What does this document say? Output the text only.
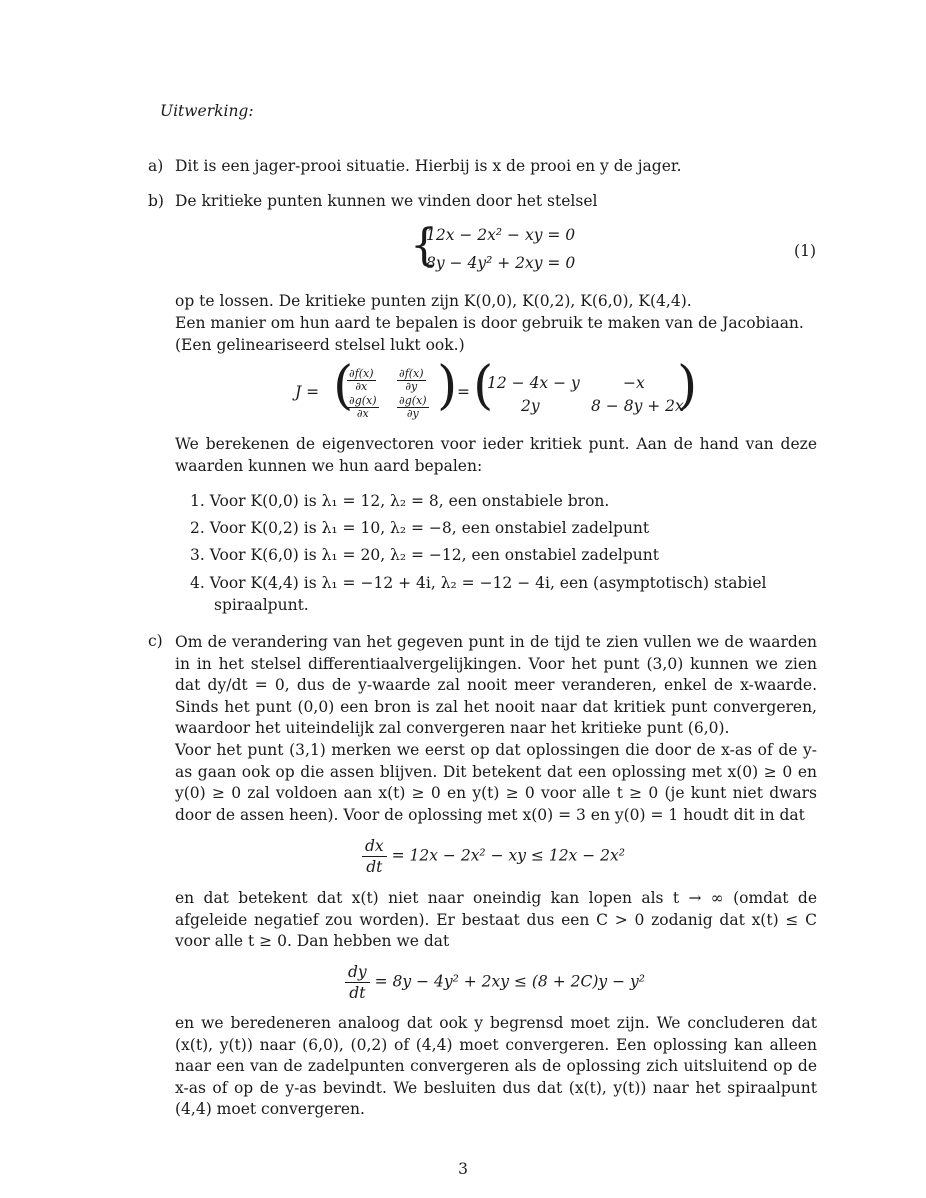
Uitwerking:
a) Dit is een jager-prooi situatie. Hierbij is x de prooi en y de jager.
b) De kritieke punten kunnen we vinden door het stelsel
{
12x − 2x² − xy = 0
8y − 4y² + 2xy = 0
(1)
op te lossen. De kritieke punten zijn K(0,0), K(0,2), K(6,0), K(4,4).
Een manier om hun aard te bepalen is door gebruik te maken van de Jacobiaan.
(Een gelineariseerd stelsel lukt ook.)
J = (
$\frac{\partial f(x)}{\partial x} \frac{\partial f(x)}{\partial y}$
$\frac{\partial g(x)}{\partial x} \frac{\partial g(x)}{\partial y}$ ) = (
12 − 4x − y	−x
2y	8 − 8y + 2x
)
We berekenen de eigenvectoren voor ieder kritiek punt. Aan de hand van deze waarden kunnen we hun aard bepalen:
1. Voor K(0,0) is λ₁ = 12, λ₂ = 8, een onstabiele bron.
2. Voor K(0,2) is λ₁ = 10, λ₂ = −8, een onstabiel zadelpunt
3. Voor K(6,0) is λ₁ = 20, λ₂ = −12, een onstabiel zadelpunt
4. Voor K(4,4) is λ₁ = −12 + 4i, λ₂ = −12 − 4i, een (asymptotisch) stabiel
spiraalpunt.
c) Om de verandering van het gegeven punt in de tijd te zien vullen we de waarden in in het stelsel differentiaalvergelijkingen. Voor het punt (3,0) kunnen we zien dat dy/dt = 0, dus de y-waarde zal nooit meer veranderen, enkel de x-waarde. Sinds het punt (0,0) een bron is zal het nooit naar dat kritiek punt convergeren, waardoor het uiteindelijk zal convergeren naar het kritieke punt (6,0).
Voor het punt (3,1) merken we eerst op dat oplossingen die door de x-as of de y-as gaan ook op die assen blijven. Dit betekent dat een oplossing met x(0) ≥ 0 en y(0) ≥ 0 zal voldoen aan x(t) ≥ 0 en y(t) ≥ 0 voor alle t ≥ 0 (je kunt niet dwars door de assen heen). Voor de oplossing met x(0) = 3 en y(0) = 1 houdt dit in dat
$\frac{dx}{dt} = 12x - 2x^2$ − xy ≤ 12x − 2x²
en dat betekent dat x(t) niet naar oneindig kan lopen als t → ∞ (omdat de afgeleide negatief zou worden). Er bestaat dus een C > 0 zodanig dat x(t) ≤ C voor alle t ≥ 0. Dan hebben we dat
$\frac{dy}{dt} = 8y - 4y^2 + 2xy \le (8 + 2C)y - y^2$
en we beredeneren analoog dat ook y begrensd moet zijn. We concluderen dat (x(t), y(t)) naar (6,0), (0,2) of (4,4) moet convergeren. Een oplossing kan alleen naar een van de zadelpunten convergeren als de oplossing zich uitsluitend op de x-as of op de y-as bevindt. We besluiten dus dat (x(t), y(t)) naar het spiraalpunt (4,4) moet convergeren.
3
